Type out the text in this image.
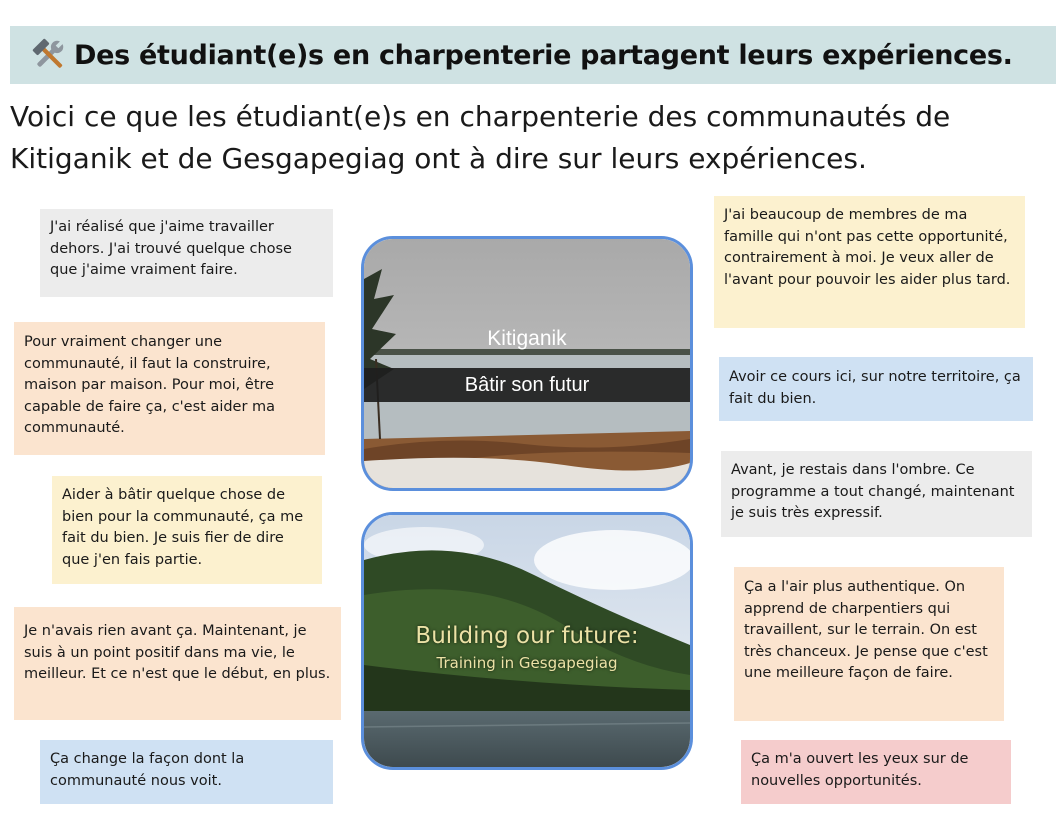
Des étudiant(e)s en charpenterie partagent leurs expériences.
Voici ce que les étudiant(e)s en charpenterie des communautés de
Kitiganik et de Gesgapegiag ont à dire sur leurs expériences.
J'ai réalisé que j'aime travailler dehors. J'ai trouvé quelque chose que j'aime vraiment faire.
Pour vraiment changer une communauté, il faut la construire, maison par maison. Pour moi, être capable de faire ça, c'est aider ma communauté.
Aider à bâtir quelque chose de bien pour la communauté, ça me fait du bien. Je suis fier de dire que j'en fais partie.
Je n'avais rien avant ça. Maintenant, je suis à un point positif dans ma vie, le meilleur. Et ce n'est que le début, en plus.
Ça change la façon dont la communauté nous voit.
J'ai beaucoup de membres de ma famille qui n'ont pas cette opportunité, contrairement à moi. Je veux aller de l'avant pour pouvoir les aider plus tard.
Avoir ce cours ici, sur notre territoire, ça fait du bien.
Avant, je restais dans l'ombre. Ce programme a tout changé, maintenant je suis très expressif.
Ça a l'air plus authentique. On apprend de charpentiers qui travaillent, sur le terrain. On est très chanceux. Je pense que c'est une meilleure façon de faire.
Ça m'a ouvert les yeux sur de nouvelles opportunités.
Kitiganik
Bâtir son futur
Building our future:
Training in Gesgapegiag
